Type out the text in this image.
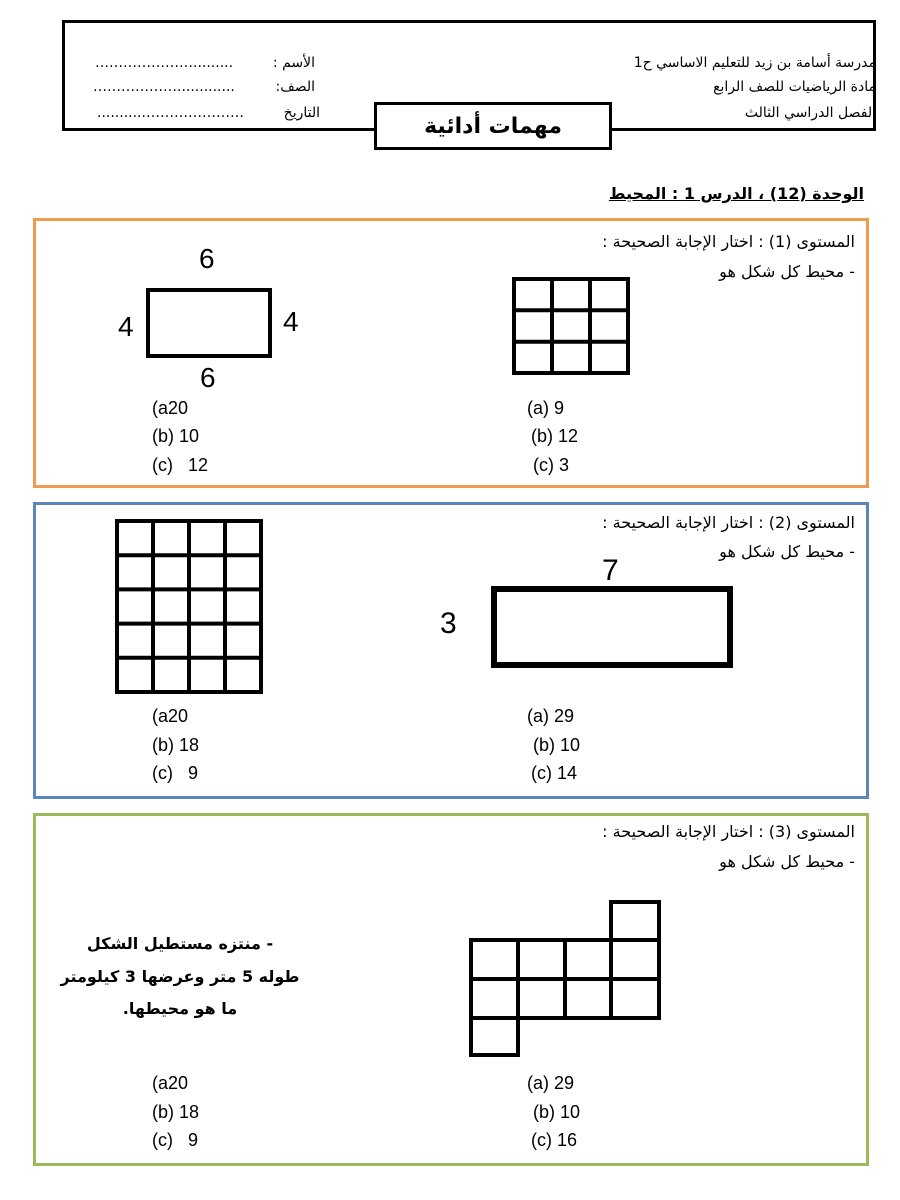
مدرسة أسامة بن زيد للتعليم الاساسي ح1
مادة الرياضيات للصف الرابع
الفصل الدراسي الثالث
الأسم :
………………….........
الصف:
……………….............
التاريخ
...........…………………
مهمات أدائية
الوحدة (12) ، الدرس 1 : المحيط
المستوى (1) : اختار الإجابة الصحيحة :
- محيط كل شكل هو
6
6
4	4
(a) 9
(b) 12
(c) 3
(a20
(b) 10
(c)   12
المستوى (2) : اختار الإجابة الصحيحة :
- محيط كل شكل هو
7
3
(a) 29
(b) 10
(c) 14
(a20
(b) 18
(c)   9
المستوى (3) : اختار الإجابة الصحيحة :
- محيط كل شكل هو
- منتزه مستطيل الشكل
طوله 5 متر وعرضها 3 كيلومتر
ما هو محيطها.
(a) 29
(b) 10
(c) 16
(a20
(b) 18
(c)   9
